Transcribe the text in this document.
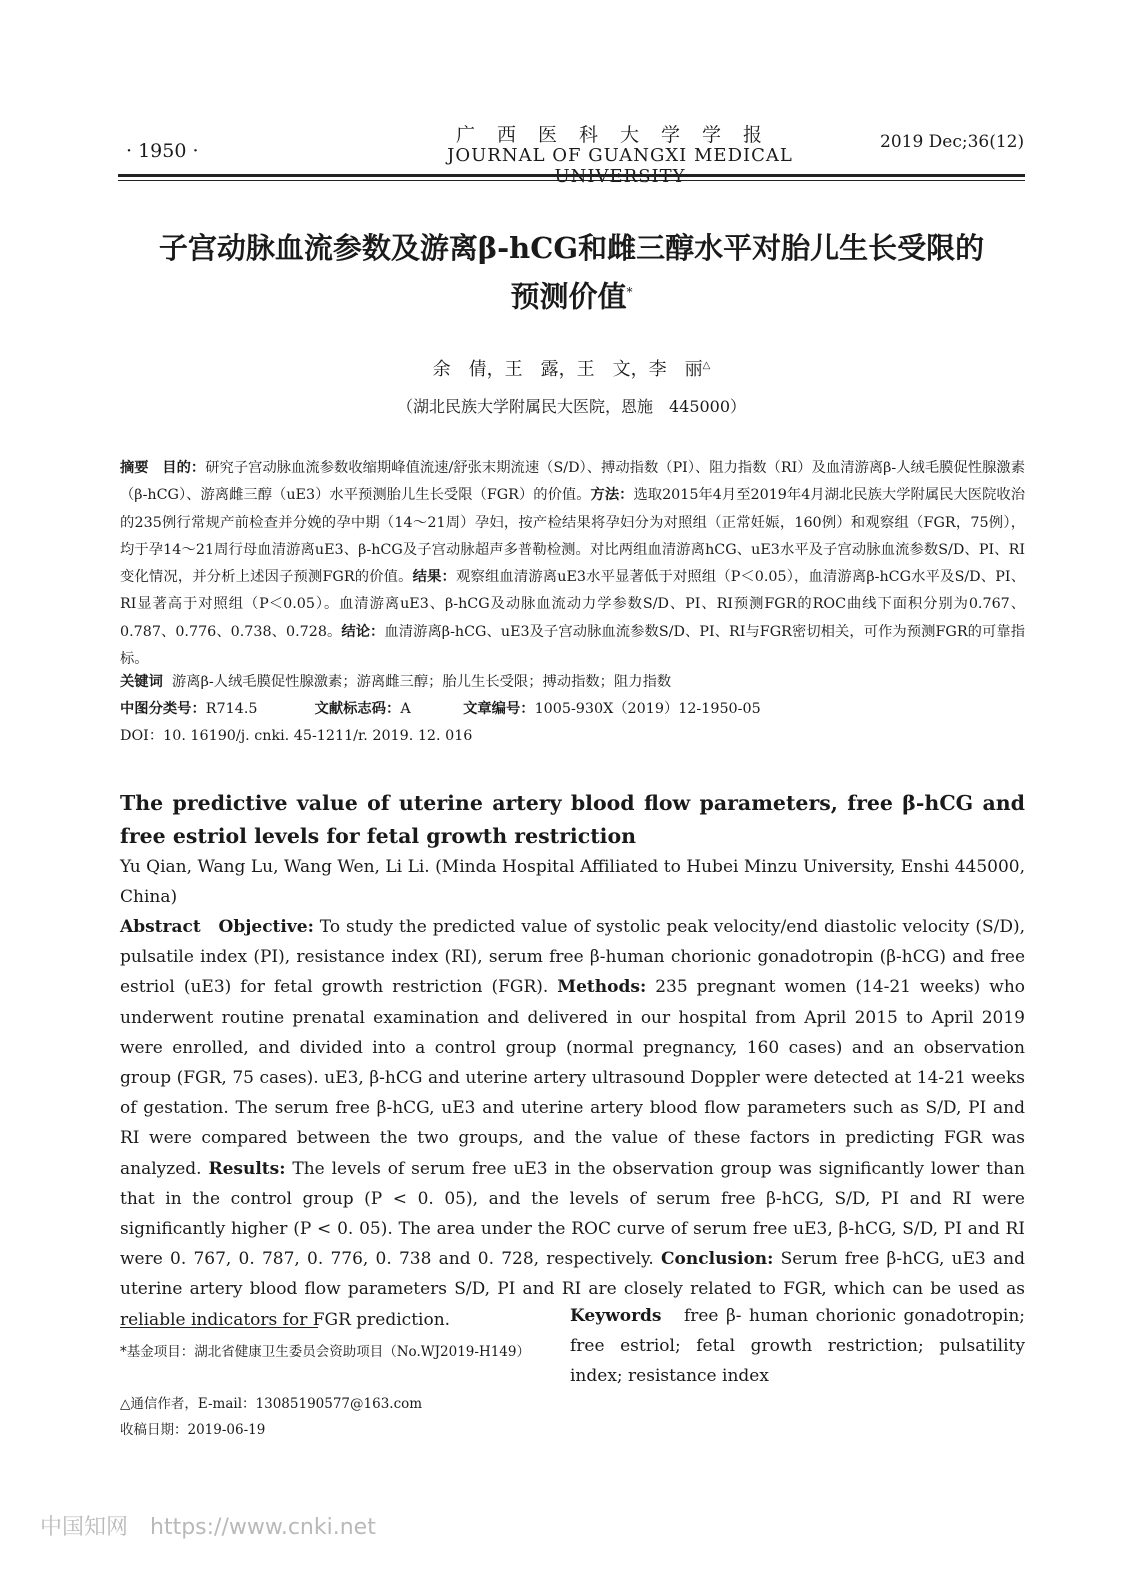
· 1950 ·
广西医科大学学报
JOURNAL OF GUANGXI MEDICAL UNIVERSITY
2019 Dec;36(12)
子宫动脉血流参数及游离β-hCG和雌三醇水平对胎儿生长受限的
预测价值*
余　倩，王　露，王　文，李　丽△
（湖北民族大学附属民大医院，恩施　445000）
摘要 目的：研究子宫动脉血流参数收缩期峰值流速/舒张末期流速（S/D）、搏动指数（PI）、阻力指数（RI）及血清游离β-人绒毛膜促性腺激素（β-hCG）、游离雌三醇（uE3）水平预测胎儿生长受限（FGR）的价值。方法：选取2015年4月至2019年4月湖北民族大学附属民大医院收治的235例行常规产前检查并分娩的孕中期（14～21周）孕妇，按产检结果将孕妇分为对照组（正常妊娠，160例）和观察组（FGR，75例），均于孕14～21周行母血清游离uE3、β-hCG及子宫动脉超声多普勒检测。对比两组血清游离hCG、uE3水平及子宫动脉血流参数S/D、PI、RI变化情况，并分析上述因子预测FGR的价值。结果：观察组血清游离uE3水平显著低于对照组（P＜0.05），血清游离β-hCG水平及S/D、PI、RI显著高于对照组（P＜0.05）。血清游离uE3、β-hCG及动脉血流动力学参数S/D、PI、RI预测FGR的ROC曲线下面积分别为0.767、0.787、0.776、0.738、0.728。结论：血清游离β-hCG、uE3及子宫动脉血流参数S/D、PI、RI与FGR密切相关，可作为预测FGR的可靠指标。
关键词 游离β-人绒毛膜促性腺激素；游离雌三醇；胎儿生长受限；搏动指数；阻力指数
中图分类号：R714.5	文献标志码：A	文章编号：1005-930X（2019）12-1950-05
DOI：10. 16190/j. cnki. 45-1211/r. 2019. 12. 016
The predictive value of uterine artery blood flow parameters, free β-hCG and free estriol levels for fetal growth restriction
Yu Qian, Wang Lu, Wang Wen, Li Li. (Minda Hospital Affiliated to Hubei Minzu University, Enshi 445000, China)
Abstract Objective: To study the predicted value of systolic peak velocity/end diastolic velocity (S/D), pulsatile index (PI), resistance index (RI), serum free β-human chorionic gonadotropin (β-hCG) and free estriol (uE3) for fetal growth restriction (FGR). Methods: 235 pregnant women (14-21 weeks) who underwent routine prenatal examination and delivered in our hospital from April 2015 to April 2019 were enrolled, and divided into a control group (normal pregnancy, 160 cases) and an observation group (FGR, 75 cases). uE3, β-hCG and uterine artery ultrasound Doppler were detected at 14-21 weeks of gestation. The serum free β-hCG, uE3 and uterine artery blood flow parameters such as S/D, PI and RI were compared between the two groups, and the value of these factors in predicting FGR was analyzed. Results: The levels of serum free uE3 in the observation group was significantly lower than that in the control group (P < 0. 05), and the levels of serum free β-hCG, S/D, PI and RI were significantly higher (P < 0. 05). The area under the ROC curve of serum free uE3, β-hCG, S/D, PI and RI were 0. 767, 0. 787, 0. 776, 0. 738 and 0. 728, respectively. Conclusion: Serum free β-hCG, uE3 and uterine artery blood flow parameters S/D, PI and RI are closely related to FGR, which can be used as reliable indicators for FGR prediction.
*基金项目：湖北省健康卫生委员会资助项目（No.WJ2019-H149）
△通信作者，E-mail：13085190577@163.com
收稿日期：2019-06-19
Keywords free β- human chorionic gonadotropin; free estriol; fetal growth restriction; pulsatility index; resistance index
中国知网 https://www.cnki.net
